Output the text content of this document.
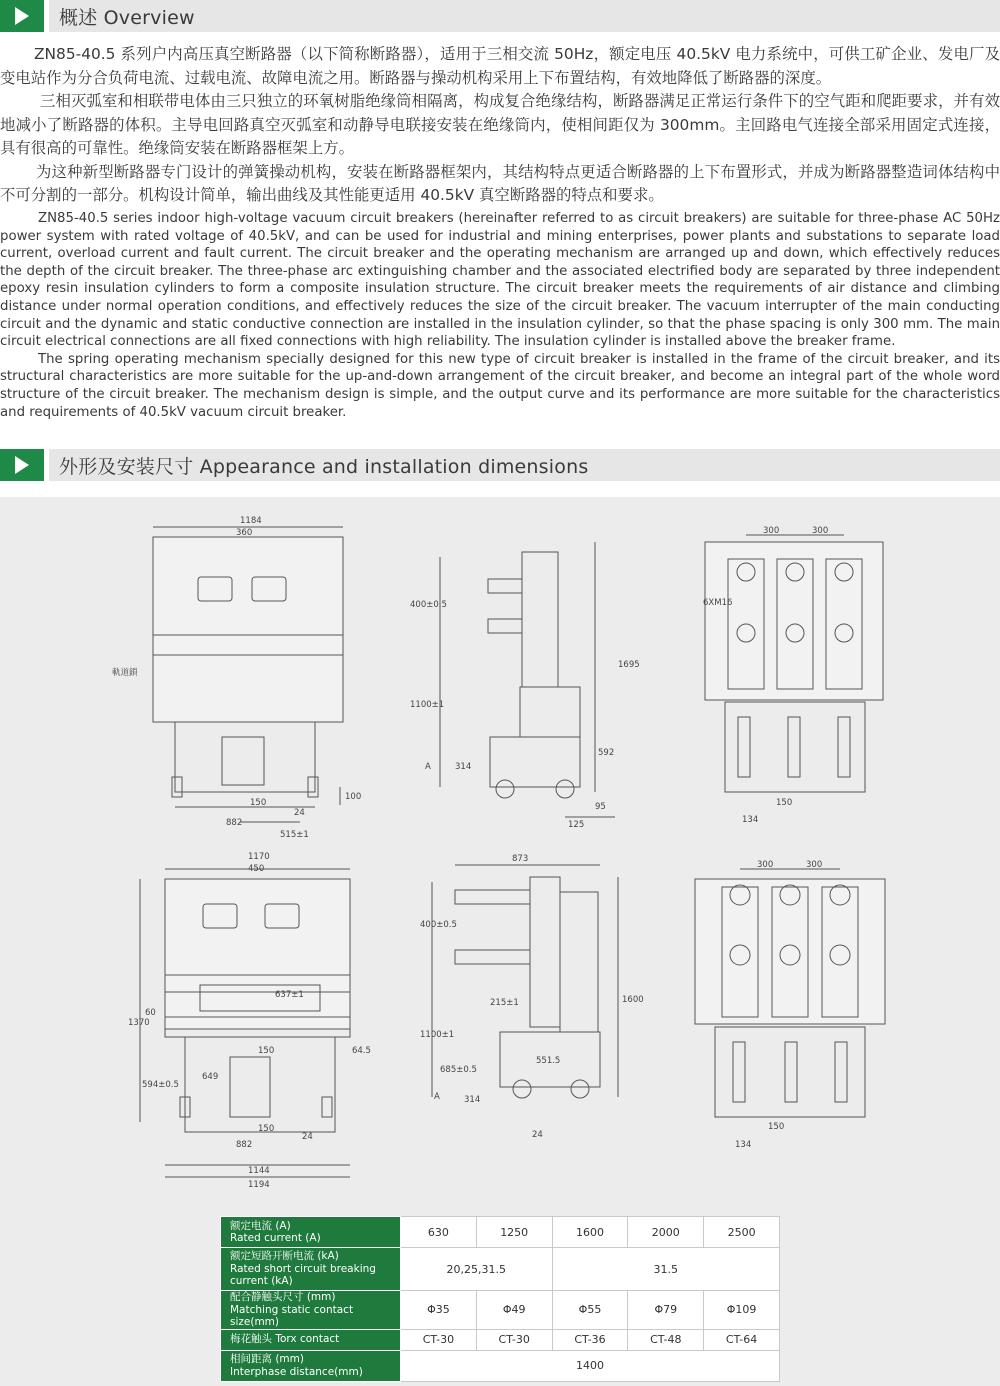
概述 Overview

ZN85-40.5 系列户内高压真空断路器（以下简称断路器），适用于三相交流 50Hz，额定电压 40.5kV 电力系统中，可供工矿企业、发电厂及变电站作为分合负荷电流、过载电流、故障电流之用。断路器与操动机构采用上下布置结构，有效地降低了断路器的深度。

三相灭弧室和相联带电体由三只独立的环氧树脂绝缘筒相隔离，构成复合绝缘结构，断路器满足正常运行条件下的空气距和爬距要求，并有效地减小了断路器的体积。主导电回路真空灭弧室和动静导电联接安装在绝缘筒内，使相间距仅为 300mm。主回路电气连接全部采用固定式连接，具有很高的可靠性。绝缘筒安装在断路器框架上方。

为这种新型断路器专门设计的弹簧操动机构，安装在断路器框架内，其结构特点更适合断路器的上下布置形式，并成为断路器整造词体结构中不可分割的一部分。机构设计简单，输出曲线及其性能更适用 40.5kV 真空断路器的特点和要求。

ZN85-40.5 series indoor high-voltage vacuum circuit breakers (hereinafter referred to as circuit breakers) are suitable for three-phase AC 50Hz power system with rated voltage of 40.5kV, and can be used for industrial and mining enterprises, power plants and substations to separate load current, overload current and fault current. The circuit breaker and the operating mechanism are arranged up and down, which effectively reduces the depth of the circuit breaker. The three-phase arc extinguishing chamber and the associated electrified body are separated by three independent epoxy resin insulation cylinders to form a composite insulation structure. The circuit breaker meets the requirements of air distance and climbing distance under normal operation conditions, and effectively reduces the size of the circuit breaker. The vacuum interrupter of the main conducting circuit and the dynamic and static conductive connection are installed in the insulation cylinder, so that the phase spacing is only 300 mm. The main circuit electrical connections are all fixed connections with high reliability. The insulation cylinder is installed above the breaker frame.

The spring operating mechanism specially designed for this new type of circuit breaker is installed in the frame of the circuit breaker, and its structural characteristics are more suitable for the up-and-down arrangement of the circuit breaker, and become an integral part of the whole word structure of the circuit breaker. The mechanism design is simple, and the output curve and its performance are more suitable for the characteristics and requirements of 40.5kV vacuum circuit breaker.

外形及安装尺寸 Appearance and installation dimensions
1184
360
軌道鎖
150
24
882
515±1
100
400±0.5
1100±1
314
A
592
1695
95
125
300	300
6XM16
150
134
1170
450
1370
60
594±0.5
649
150
637±1
64.5
150
24
882
1144
1194
873
400±0.5
215±1
1100±1
685±0.5
314
A
551.5
1600
24
300	300
150
134
额定电流 (A)
Rated current (A)	630	1250	1600	2000	2500
额定短路开断电流 (kA)
Rated short circuit breaking current (kA)	20,25,31.5		31.5		
配合静触头尺寸 (mm)
Matching static contact size(mm)	Φ35	Φ49	Φ55	Φ79	Φ109
梅花触头 Torx contact	CT-30	CT-30	CT-36	CT-48	CT-64
相间距离 (mm)
Interphase distance(mm)	1400				
